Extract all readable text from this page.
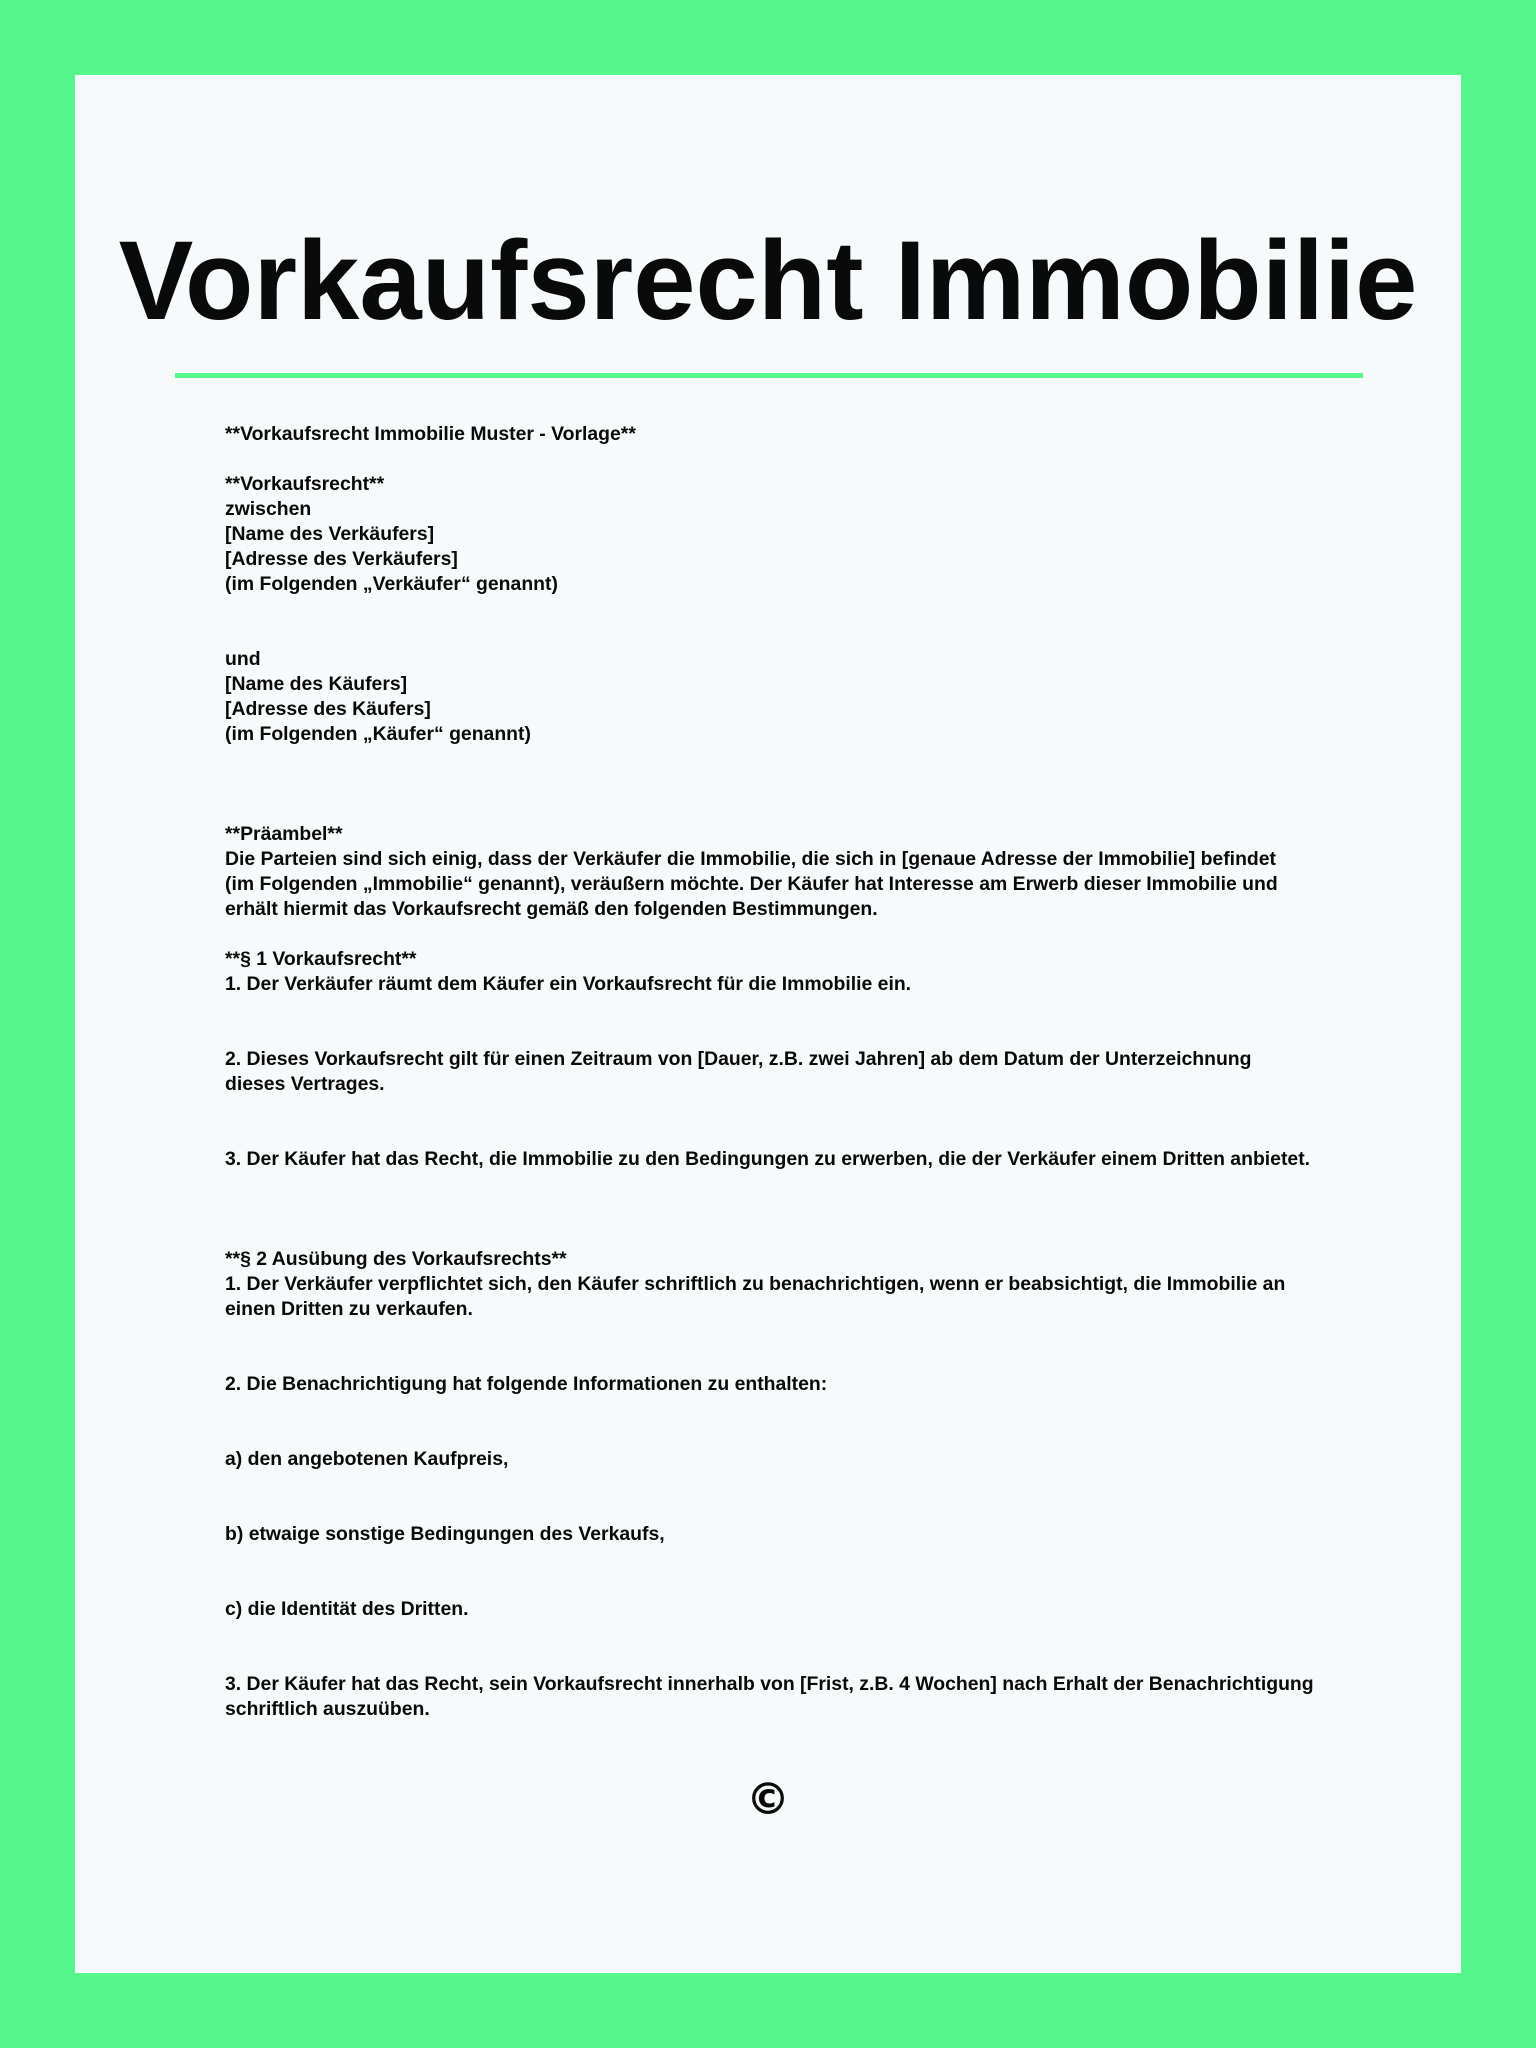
Vorkaufsrecht Immobilie
**Vorkaufsrecht Immobilie Muster - Vorlage**
**Vorkaufsrecht**
zwischen
[Name des Verkäufers]
[Adresse des Verkäufers]
(im Folgenden „Verkäufer“ genannt)
und
[Name des Käufers]
[Adresse des Käufers]
(im Folgenden „Käufer“ genannt)
**Präambel**
Die Parteien sind sich einig, dass der Verkäufer die Immobilie, die sich in [genaue Adresse der Immobilie] befindet
(im Folgenden „Immobilie“ genannt), veräußern möchte. Der Käufer hat Interesse am Erwerb dieser Immobilie und
erhält hiermit das Vorkaufsrecht gemäß den folgenden Bestimmungen.
**§ 1 Vorkaufsrecht**
1. Der Verkäufer räumt dem Käufer ein Vorkaufsrecht für die Immobilie ein.
2. Dieses Vorkaufsrecht gilt für einen Zeitraum von [Dauer, z.B. zwei Jahren] ab dem Datum der Unterzeichnung
dieses Vertrages.
3. Der Käufer hat das Recht, die Immobilie zu den Bedingungen zu erwerben, die der Verkäufer einem Dritten anbietet.
**§ 2 Ausübung des Vorkaufsrechts**
1. Der Verkäufer verpflichtet sich, den Käufer schriftlich zu benachrichtigen, wenn er beabsichtigt, die Immobilie an
einen Dritten zu verkaufen.
2. Die Benachrichtigung hat folgende Informationen zu enthalten:
a) den angebotenen Kaufpreis,
b) etwaige sonstige Bedingungen des Verkaufs,
c) die Identität des Dritten.
3. Der Käufer hat das Recht, sein Vorkaufsrecht innerhalb von [Frist, z.B. 4 Wochen] nach Erhalt der Benachrichtigung
schriftlich auszuüben.
©
